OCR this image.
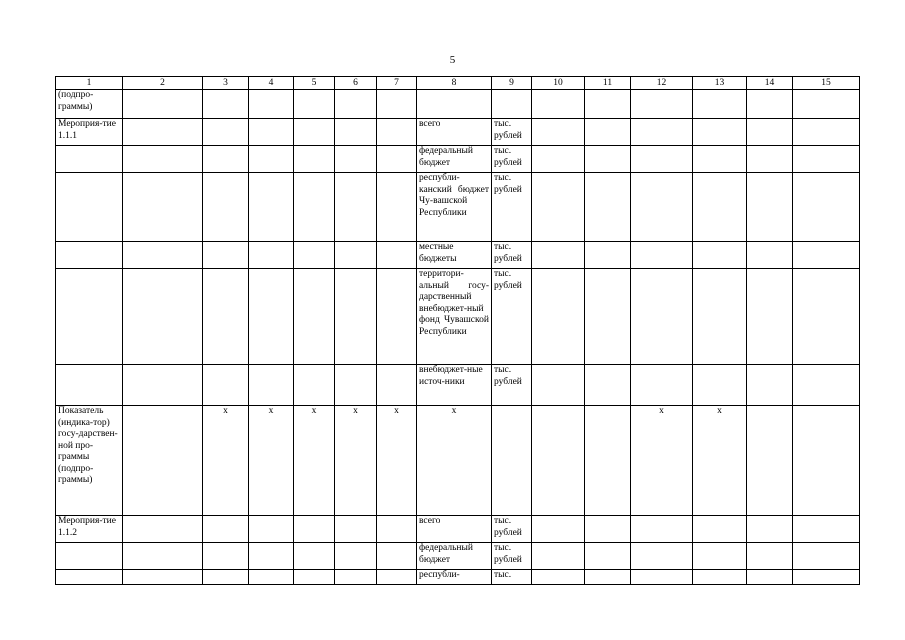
5
1	2	3	4	5	6	7	8	9	10	11	12	13	14	15
(подпро-граммы)														
Мероприя-тие 1.1.1							всего	тыс. рублей						
							федеральный бюджет	тыс. рублей						
							республи-канский бюджет Чу-вашской Республики	тыс. рублей						
							местные бюджеты	тыс. рублей						
							территори-альный госу-дарственный внебюджет-ный фонд Чувашской Республики	тыс. рублей						
							внебюджет-ные источ-ники	тыс. рублей						
Показатель (индика-тор) госу-дарствен-ной про-граммы (подпро-граммы)		x	x	x	x	x	x				x	x		
Мероприя-тие 1.1.2							всего	тыс. рублей						
							федеральный бюджет	тыс. рублей						
							республи-	тыс.						
